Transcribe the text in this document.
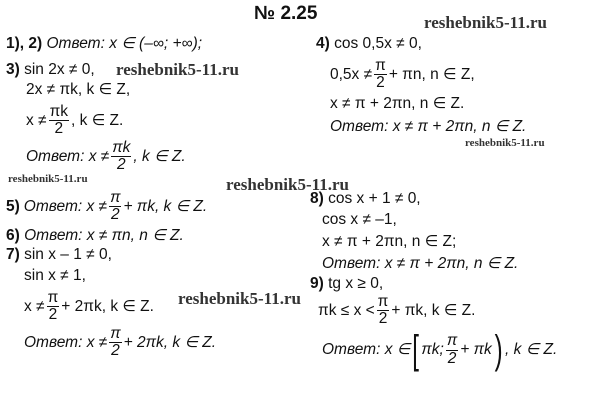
№ 2.25	reshebnik5-11.ru
reshebnik5-11.ru
reshebnik5-11.ru
reshebnik5-11.ru	reshebnik5-11.ru
reshebnik5-11.ru
1), 2) Ответ: x ∈ (–∞; +∞);
3) sin 2x ≠ 0,
2x ≠ πk, k ∈ Z,
$x \ne \frac{\pi k}{2}$ , k ∈ Z.
Ответ: $x \ne \frac{\pi k}{2}$ , k ∈ Z.
5) Ответ: $x \ne \frac{\pi}{2} + \pi k$, k ∈ Z.
6) Ответ: x ≠ πn, n ∈ Z.
7) sin x – 1 ≠ 0,
sin x ≠ 1,
$x \ne \frac{\pi}{2} + 2\pi k$, k ∈ Z.
Ответ: $x \ne \frac{\pi}{2} + 2\pi k$, k ∈ Z.
4) cos 0,5x ≠ 0,
$0,5x \ne \frac{\pi}{2} + \pi n$, n ∈ Z,
x ≠ π + 2πn, n ∈ Z.
Ответ: x ≠ π + 2πn, n ∈ Z.
8) cos x + 1 ≠ 0,
cos x ≠ –1,
x ≠ π + 2πn, n ∈ Z;
Ответ: x ≠ π + 2πn, n ∈ Z.
9) tg x ≥ 0,
$\pi k \le x < \frac{\pi}{2} + \pi k$, k ∈ Z.
Ответ: x ∈ [ πk; $\frac{\pi}{2} + \pi k$ ) , k ∈ Z.
